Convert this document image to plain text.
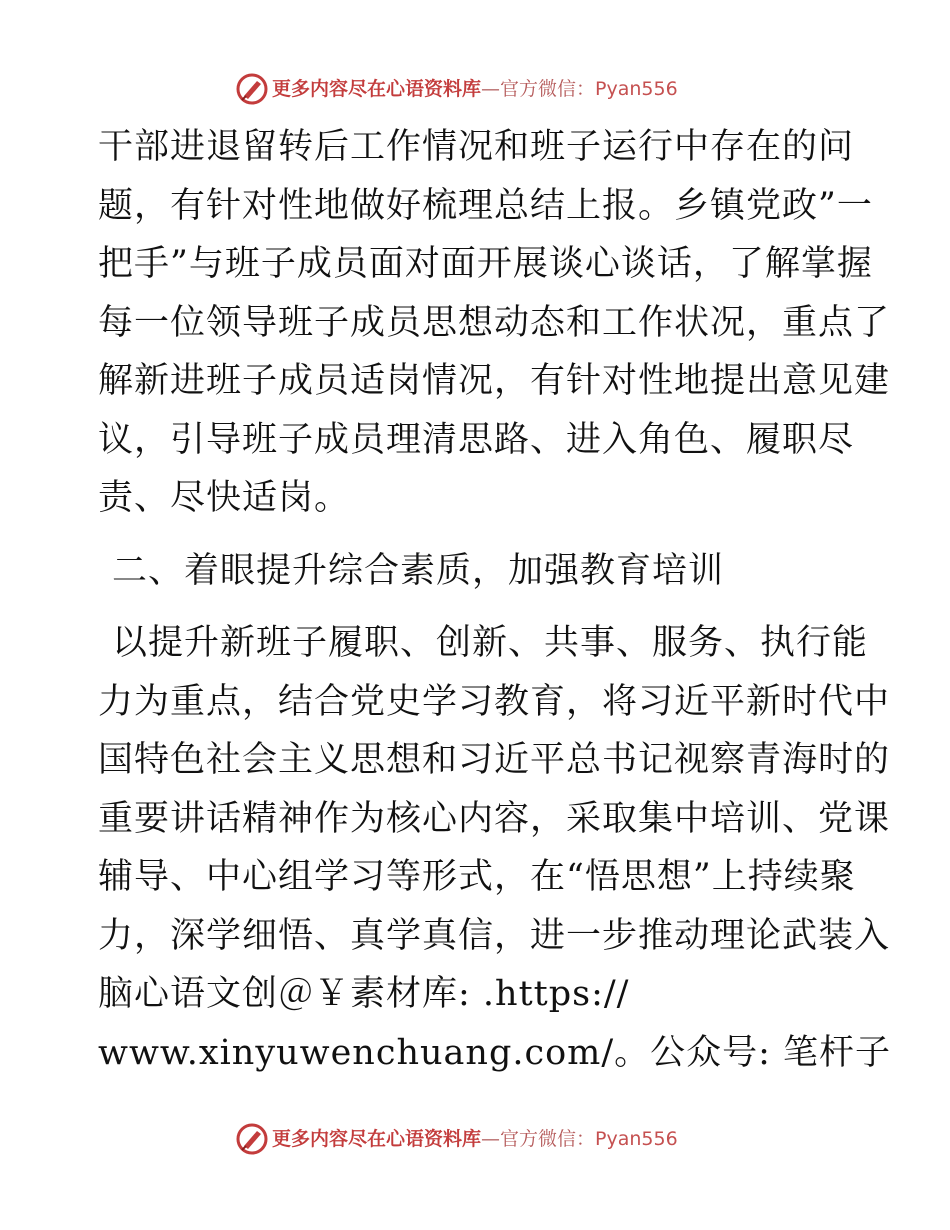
更多内容尽在心语资料库—官方微信：Pyan556
干部进退留转后工作情况和班子运行中存在的问
题，有针对性地做好梳理总结上报。乡镇党政”一
把手”与班子成员面对面开展谈心谈话，了解掌握
每一位领导班子成员思想动态和工作状况，重点了
解新进班子成员适岗情况，有针对性地提出意见建
议，引导班子成员理清思路、进入角色、履职尽
责、尽快适岗。
二、着眼提升综合素质，加强教育培训
以提升新班子履职、创新、共事、服务、执行能
力为重点，结合党史学习教育，将习近平新时代中
国特色社会主义思想和习近平总书记视察青海时的
重要讲话精神作为核心内容，采取集中培训、党课
辅导、中心组学习等形式，在“悟思想”上持续聚
力，深学细悟、真学真信，进一步推动理论武装入
脑心语文创＠￥素材库: .https://
www.xinyuwenchuang.com/。公众号: 笔杆子
更多内容尽在心语资料库—官方微信：Pyan556
